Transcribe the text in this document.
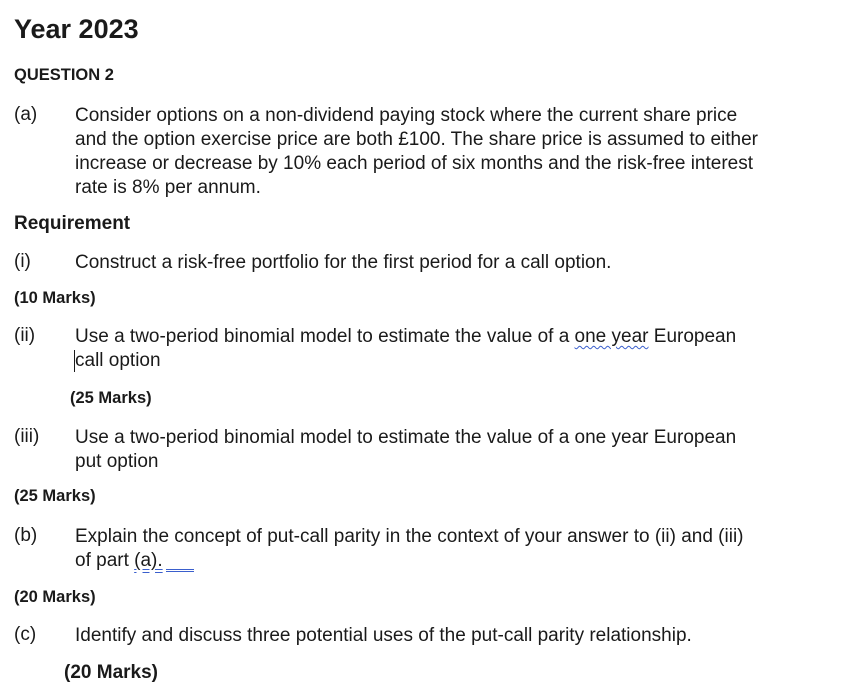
Year 2023
QUESTION 2
(a) Consider options on a non-dividend paying stock where the current share price
and the option exercise price are both £100. The share price is assumed to either
increase or decrease by 10% each period of six months and the risk-free interest
rate is 8% per annum.
Requirement
(i) Construct a risk-free portfolio for the first period for a call option.
(10 Marks)
(ii) Use a two-period binomial model to estimate the value of a one year European
call option
(25 Marks)
(iii) Use a two-period binomial model to estimate the value of a one year European
put option
(25 Marks)
(b) Explain the concept of put-call parity in the context of your answer to (ii) and (iii)
of part (a).
(20 Marks)
(c) Identify and discuss three potential uses of the put-call parity relationship.
(20 Marks)
